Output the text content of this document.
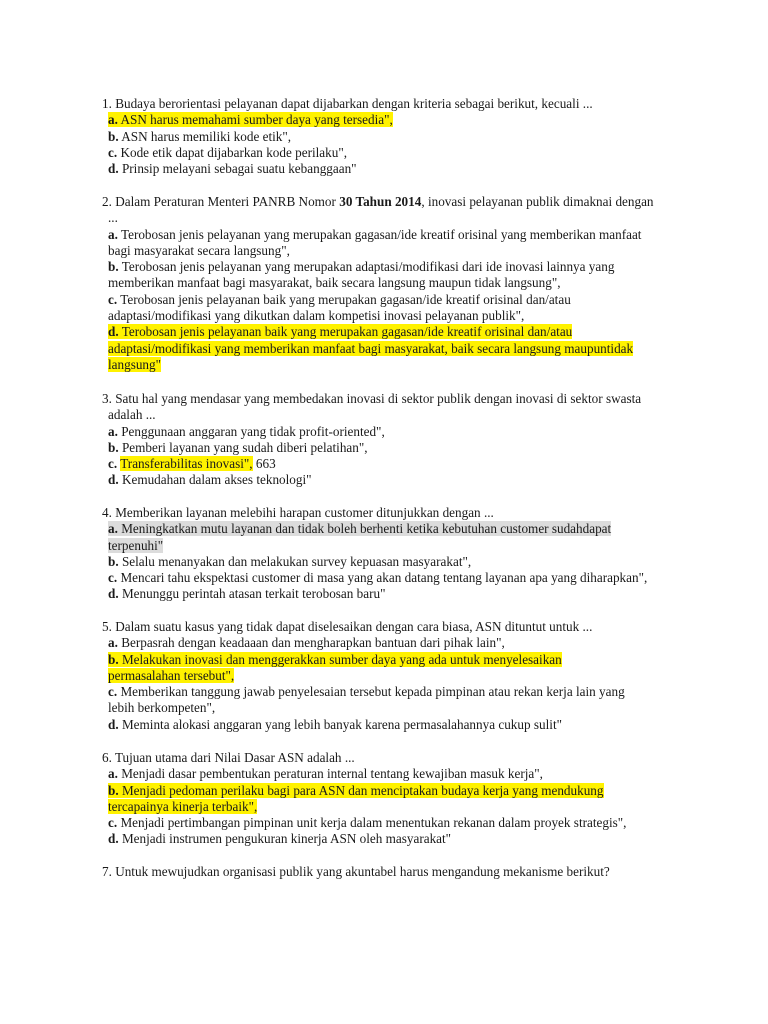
1. Budaya berorientasi pelayanan dapat dijabarkan dengan kriteria sebagai berikut, kecuali ...
a. ASN harus memahami sumber daya yang tersedia",
b. ASN harus memiliki kode etik",
c. Kode etik dapat dijabarkan kode perilaku",
d. Prinsip melayani sebagai suatu kebanggaan"
2. Dalam Peraturan Menteri PANRB Nomor 30 Tahun 2014, inovasi pelayanan publik dimaknai dengan
...
a. Terobosan jenis pelayanan yang merupakan gagasan/ide kreatif orisinal yang memberikan manfaat
bagi masyarakat secara langsung",
b. Terobosan jenis pelayanan yang merupakan adaptasi/modifikasi dari ide inovasi lainnya yang
memberikan manfaat bagi masyarakat, baik secara langsung maupun tidak langsung",
c. Terobosan jenis pelayanan baik yang merupakan gagasan/ide kreatif orisinal dan/atau
adaptasi/modifikasi yang dikutkan dalam kompetisi inovasi pelayanan publik",
d. Terobosan jenis pelayanan baik yang merupakan gagasan/ide kreatif orisinal dan/atau
adaptasi/modifikasi yang memberikan manfaat bagi masyarakat, baik secara langsung maupuntidak
langsung"
3. Satu hal yang mendasar yang membedakan inovasi di sektor publik dengan inovasi di sektor swasta
adalah ...
a. Penggunaan anggaran yang tidak profit-oriented",
b. Pemberi layanan yang sudah diberi pelatihan",
c. Transferabilitas inovasi", 663
d. Kemudahan dalam akses teknologi"
4. Memberikan layanan melebihi harapan customer ditunjukkan dengan ...
a. Meningkatkan mutu layanan dan tidak boleh berhenti ketika kebutuhan customer sudahdapat
terpenuhi"
b. Selalu menanyakan dan melakukan survey kepuasan masyarakat",
c. Mencari tahu ekspektasi customer di masa yang akan datang tentang layanan apa yang diharapkan",
d. Menunggu perintah atasan terkait terobosan baru"
5. Dalam suatu kasus yang tidak dapat diselesaikan dengan cara biasa, ASN dituntut untuk ...
a. Berpasrah dengan keadaaan dan mengharapkan bantuan dari pihak lain",
b. Melakukan inovasi dan menggerakkan sumber daya yang ada untuk menyelesaikan
permasalahan tersebut",
c. Memberikan tanggung jawab penyelesaian tersebut kepada pimpinan atau rekan kerja lain yang
lebih berkompeten",
d. Meminta alokasi anggaran yang lebih banyak karena permasalahannya cukup sulit"
6. Tujuan utama dari Nilai Dasar ASN adalah ...
a. Menjadi dasar pembentukan peraturan internal tentang kewajiban masuk kerja",
b. Menjadi pedoman perilaku bagi para ASN dan menciptakan budaya kerja yang mendukung
tercapainya kinerja terbaik",
c. Menjadi pertimbangan pimpinan unit kerja dalam menentukan rekanan dalam proyek strategis",
d. Menjadi instrumen pengukuran kinerja ASN oleh masyarakat"
7. Untuk mewujudkan organisasi publik yang akuntabel harus mengandung mekanisme berikut?
